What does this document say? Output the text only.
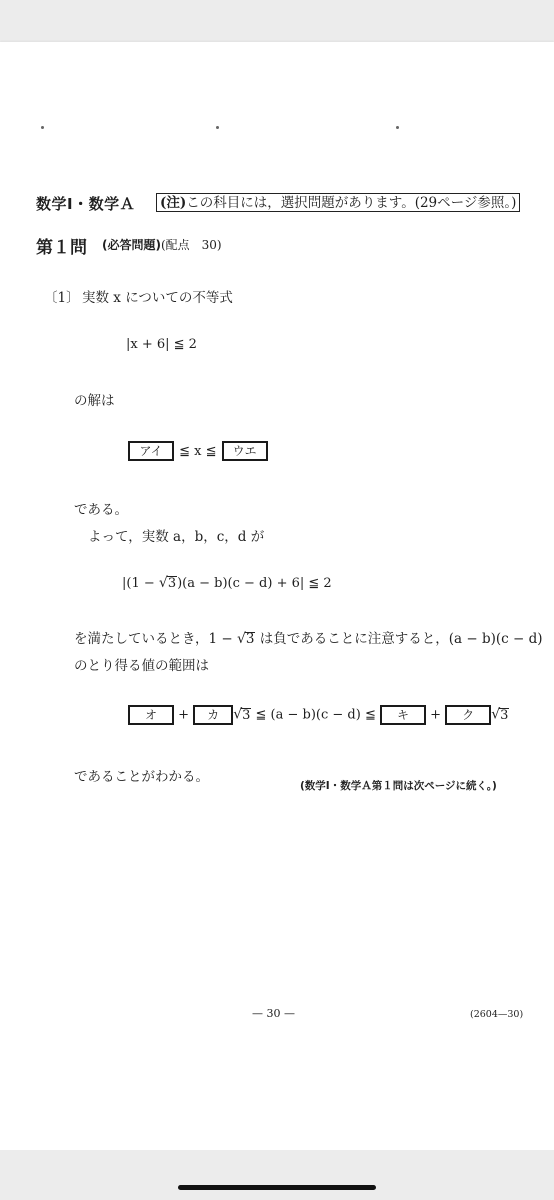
数学Ⅰ・数学Ａ (注)この科目には，選択問題があります。(29ページ参照。)
第１問 (必答問題)(配点　30)
〔1〕 実数 x についての不等式
|x + 6| ≦ 2
の解は
アイ	≦ x ≦	ウエ
である。
よって，実数 a，b，c，d が
|(1 − √3)(a − b)(c − d) + 6| ≦ 2
を満たしているとき，1 − √3 は負であることに注意すると，(a − b)(c − d)
のとり得る値の範囲は
オ	+	カ	√3 ≦ (a − b)(c − d) ≦	キ	+	ク	√3
であることがわかる。
(数学Ⅰ・数学Ａ第１問は次ページに続く。)
— 30 —	(2604—30)
